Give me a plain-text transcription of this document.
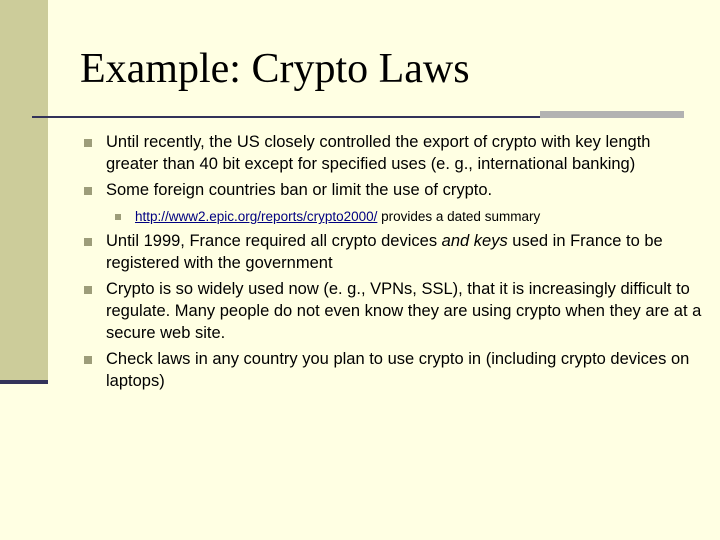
Example: Crypto Laws
Until recently, the US closely controlled the export of crypto with key length greater than 40 bit except for specified uses (e. g., international banking)
Some foreign countries ban or limit the use of crypto.
http://www2.epic.org/reports/crypto2000/ provides a dated summary
Until 1999, France required all crypto devices and keys used in France to be registered with the government
Crypto is so widely used now (e. g., VPNs, SSL), that it is increasingly difficult to regulate. Many people do not even know they are using crypto when they are at a secure web site.
Check laws in any country you plan to use crypto in (including crypto devices on laptops)
